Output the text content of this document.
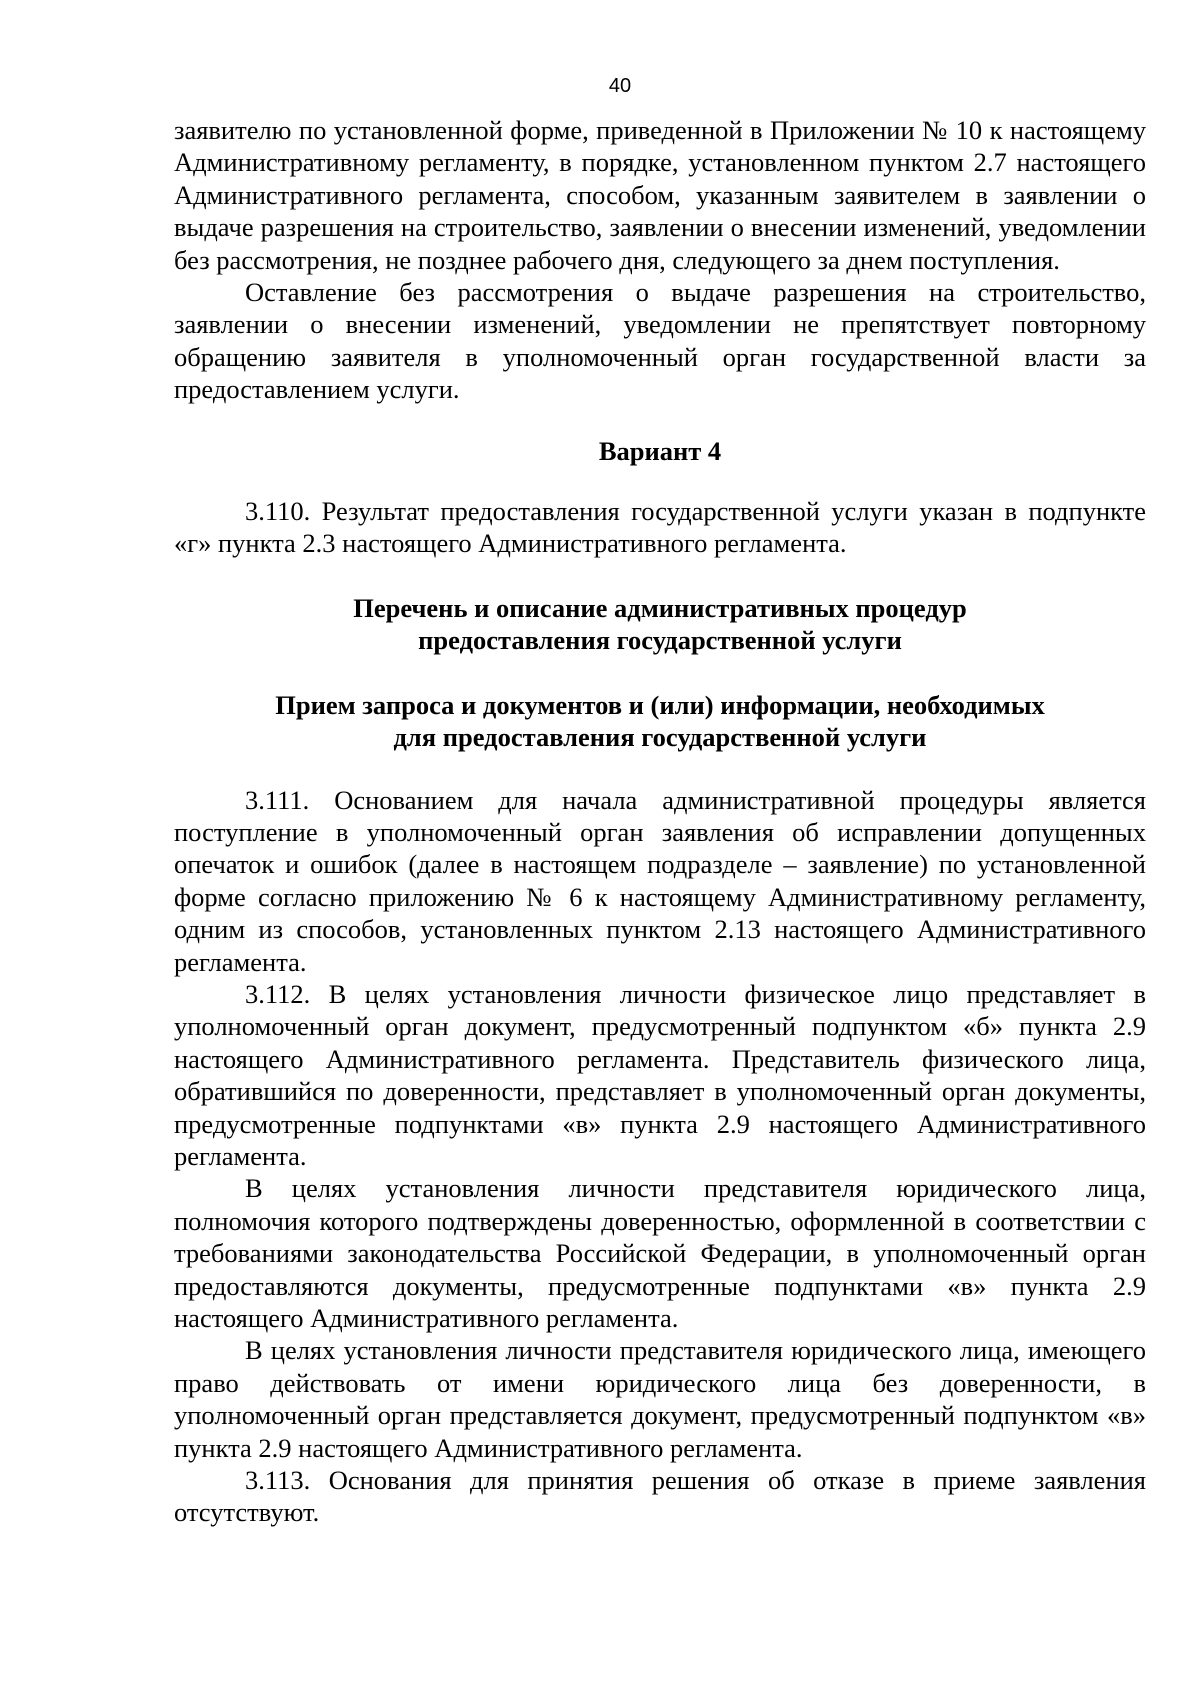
40

заявителю по установленной форме, приведенной в Приложении № 10 к настоящему Административному регламенту, в порядке, установленном пунктом 2.7 настоящего Административного регламента, способом, указанным заявителем в заявлении о выдаче разрешения на строительство, заявлении о внесении изменений, уведомлении без рассмотрения, не позднее рабочего дня, следующего за днем поступления.

Оставление без рассмотрения о выдаче разрешения на строительство, заявлении о внесении изменений, уведомлении не препятствует повторному обращению заявителя в уполномоченный орган государственной власти за предоставлением услуги.

Вариант 4

3.110. Результат предоставления государственной услуги указан в подпункте «г» пункта 2.3 настоящего Административного регламента.

Перечень и описание административных процедур

предоставления государственной услуги

Прием запроса и документов и (или) информации, необходимых

для предоставления государственной услуги

3.111. Основанием для начала административной процедуры является поступление в уполномоченный орган заявления об исправлении допущенных опечаток и ошибок (далее в настоящем подразделе – заявление) по установленной форме согласно приложению № 6 к настоящему Административному регламенту, одним из способов, установленных пунктом 2.13 настоящего Административного регламента.

3.112. В целях установления личности физическое лицо представляет в уполномоченный орган документ, предусмотренный подпунктом «б» пункта 2.9 настоящего Административного регламента. Представитель физического лица, обратившийся по доверенности, представляет в уполномоченный орган документы, предусмотренные подпунктами «в» пункта 2.9 настоящего Административного регламента.

В целях установления личности представителя юридического лица, полномочия которого подтверждены доверенностью, оформленной в соответствии с требованиями законодательства Российской Федерации, в уполномоченный орган предоставляются документы, предусмотренные подпунктами «в» пункта 2.9 настоящего Административного регламента.

В целях установления личности представителя юридического лица, имеющего право действовать от имени юридического лица без доверенности, в уполномоченный орган представляется документ, предусмотренный подпунктом «в» пункта 2.9 настоящего Административного регламента.

3.113. Основания для принятия решения об отказе в приеме заявления отсутствуют.
